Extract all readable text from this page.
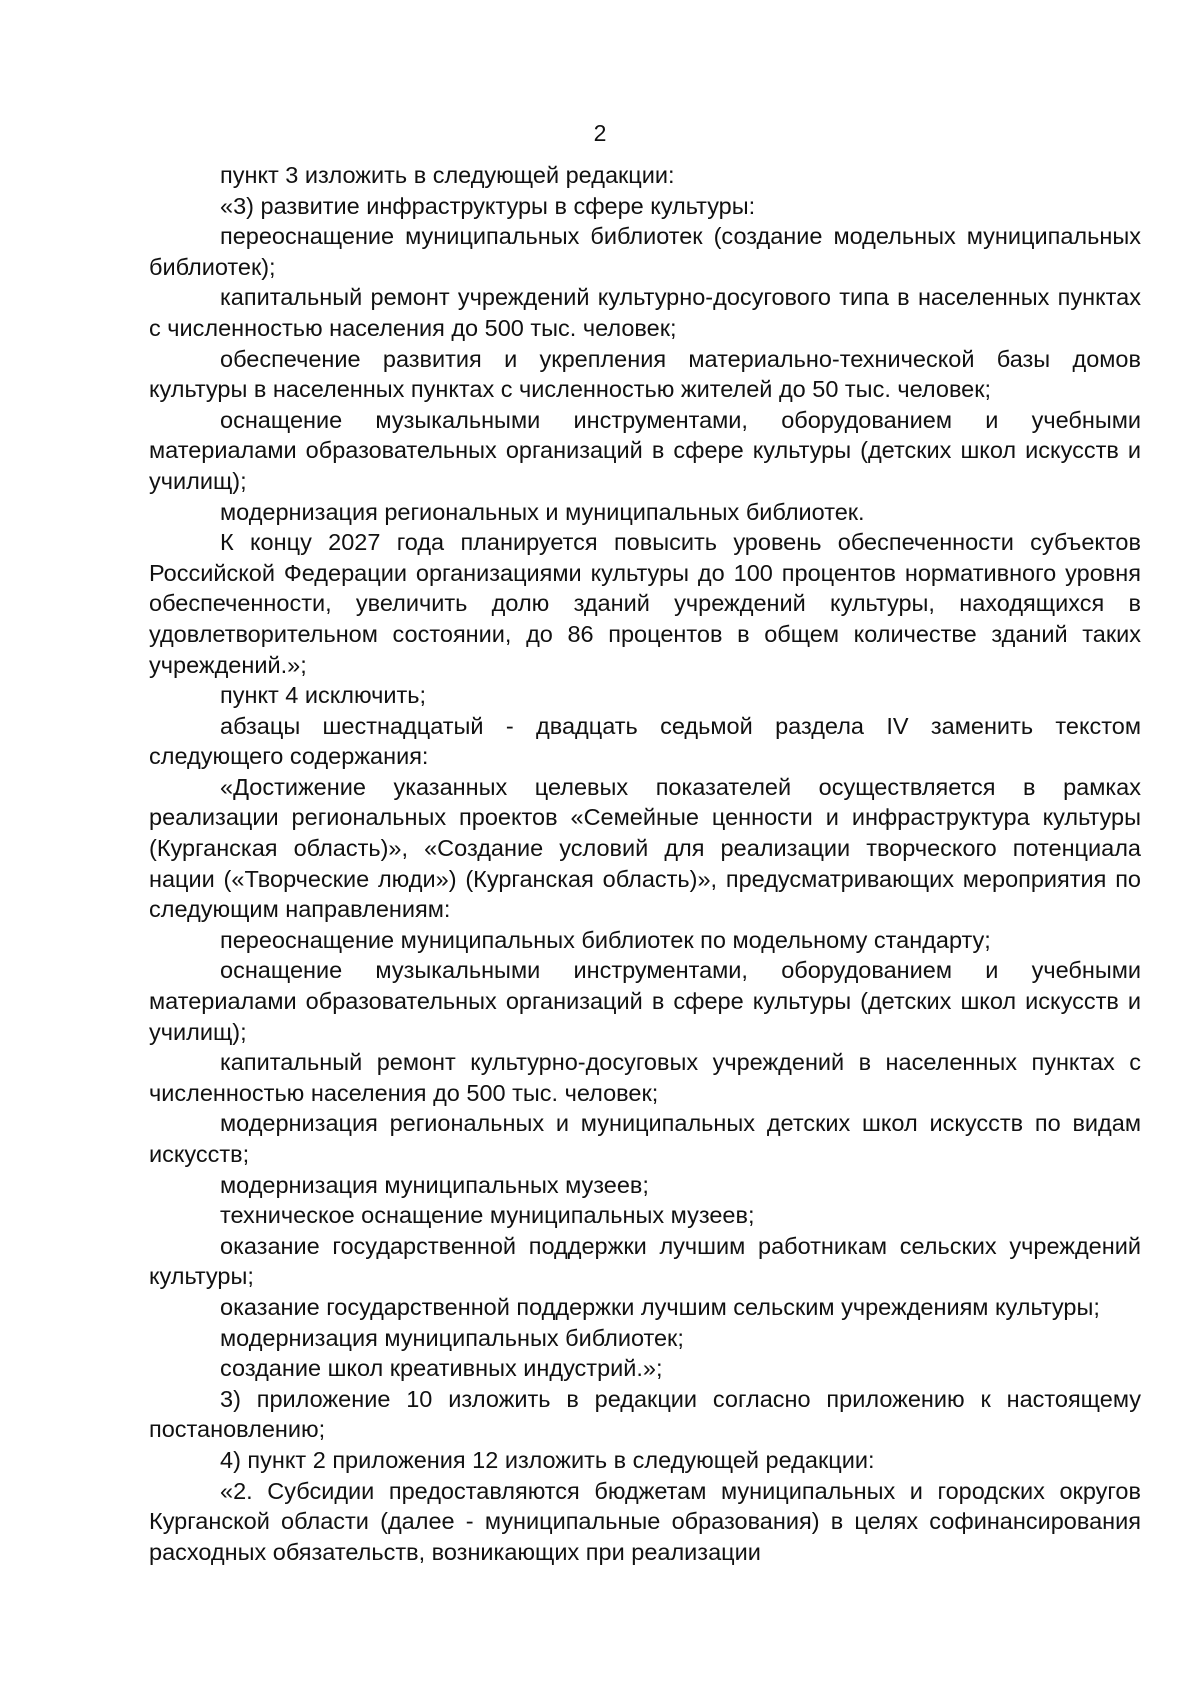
2

пункт 3 изложить в следующей редакции:

«3) развитие инфраструктуры в сфере культуры:

переоснащение муниципальных библиотек (создание модельных муниципальных библиотек);

капитальный ремонт учреждений культурно-досугового типа в населенных пунктах с численностью населения до 500 тыс. человек;

обеспечение развития и укрепления материально-технической базы домов культуры в населенных пунктах с численностью жителей до 50 тыс. человек;

оснащение музыкальными инструментами, оборудованием и учебными материалами образовательных организаций в сфере культуры (детских школ искусств и училищ);

модернизация региональных и муниципальных библиотек.

К концу 2027 года планируется повысить уровень обеспеченности субъектов Российской Федерации организациями культуры до 100 процентов нормативного уровня обеспеченности, увеличить долю зданий учреждений культуры, находящихся в удовлетворительном состоянии, до 86 процентов в общем количестве зданий таких учреждений.»;

пункт 4 исключить;

абзацы шестнадцатый - двадцать седьмой раздела IV заменить текстом следующего содержания:

«Достижение указанных целевых показателей осуществляется в рамках реализации региональных проектов «Семейные ценности и инфраструктура культуры (Курганская область)», «Создание условий для реализации творческого потенциала нации («Творческие люди») (Курганская область)», предусматривающих мероприятия по следующим направлениям:

переоснащение муниципальных библиотек по модельному стандарту;

оснащение музыкальными инструментами, оборудованием и учебными материалами образовательных организаций в сфере культуры (детских школ искусств и училищ);

капитальный ремонт культурно-досуговых учреждений в населенных пунктах с численностью населения до 500 тыс. человек;

модернизация региональных и муниципальных детских школ искусств по видам искусств;

модернизация муниципальных музеев;

техническое оснащение муниципальных музеев;

оказание государственной поддержки лучшим работникам сельских учреждений культуры;

оказание государственной поддержки лучшим сельским учреждениям культуры;

модернизация муниципальных библиотек;

создание школ креативных индустрий.»;

3) приложение 10 изложить в редакции согласно приложению к настоящему постановлению;

4) пункт 2 приложения 12 изложить в следующей редакции:

«2. Субсидии предоставляются бюджетам муниципальных и городских округов Курганской области (далее - муниципальные образования) в целях софинансирования расходных обязательств, возникающих при реализации
